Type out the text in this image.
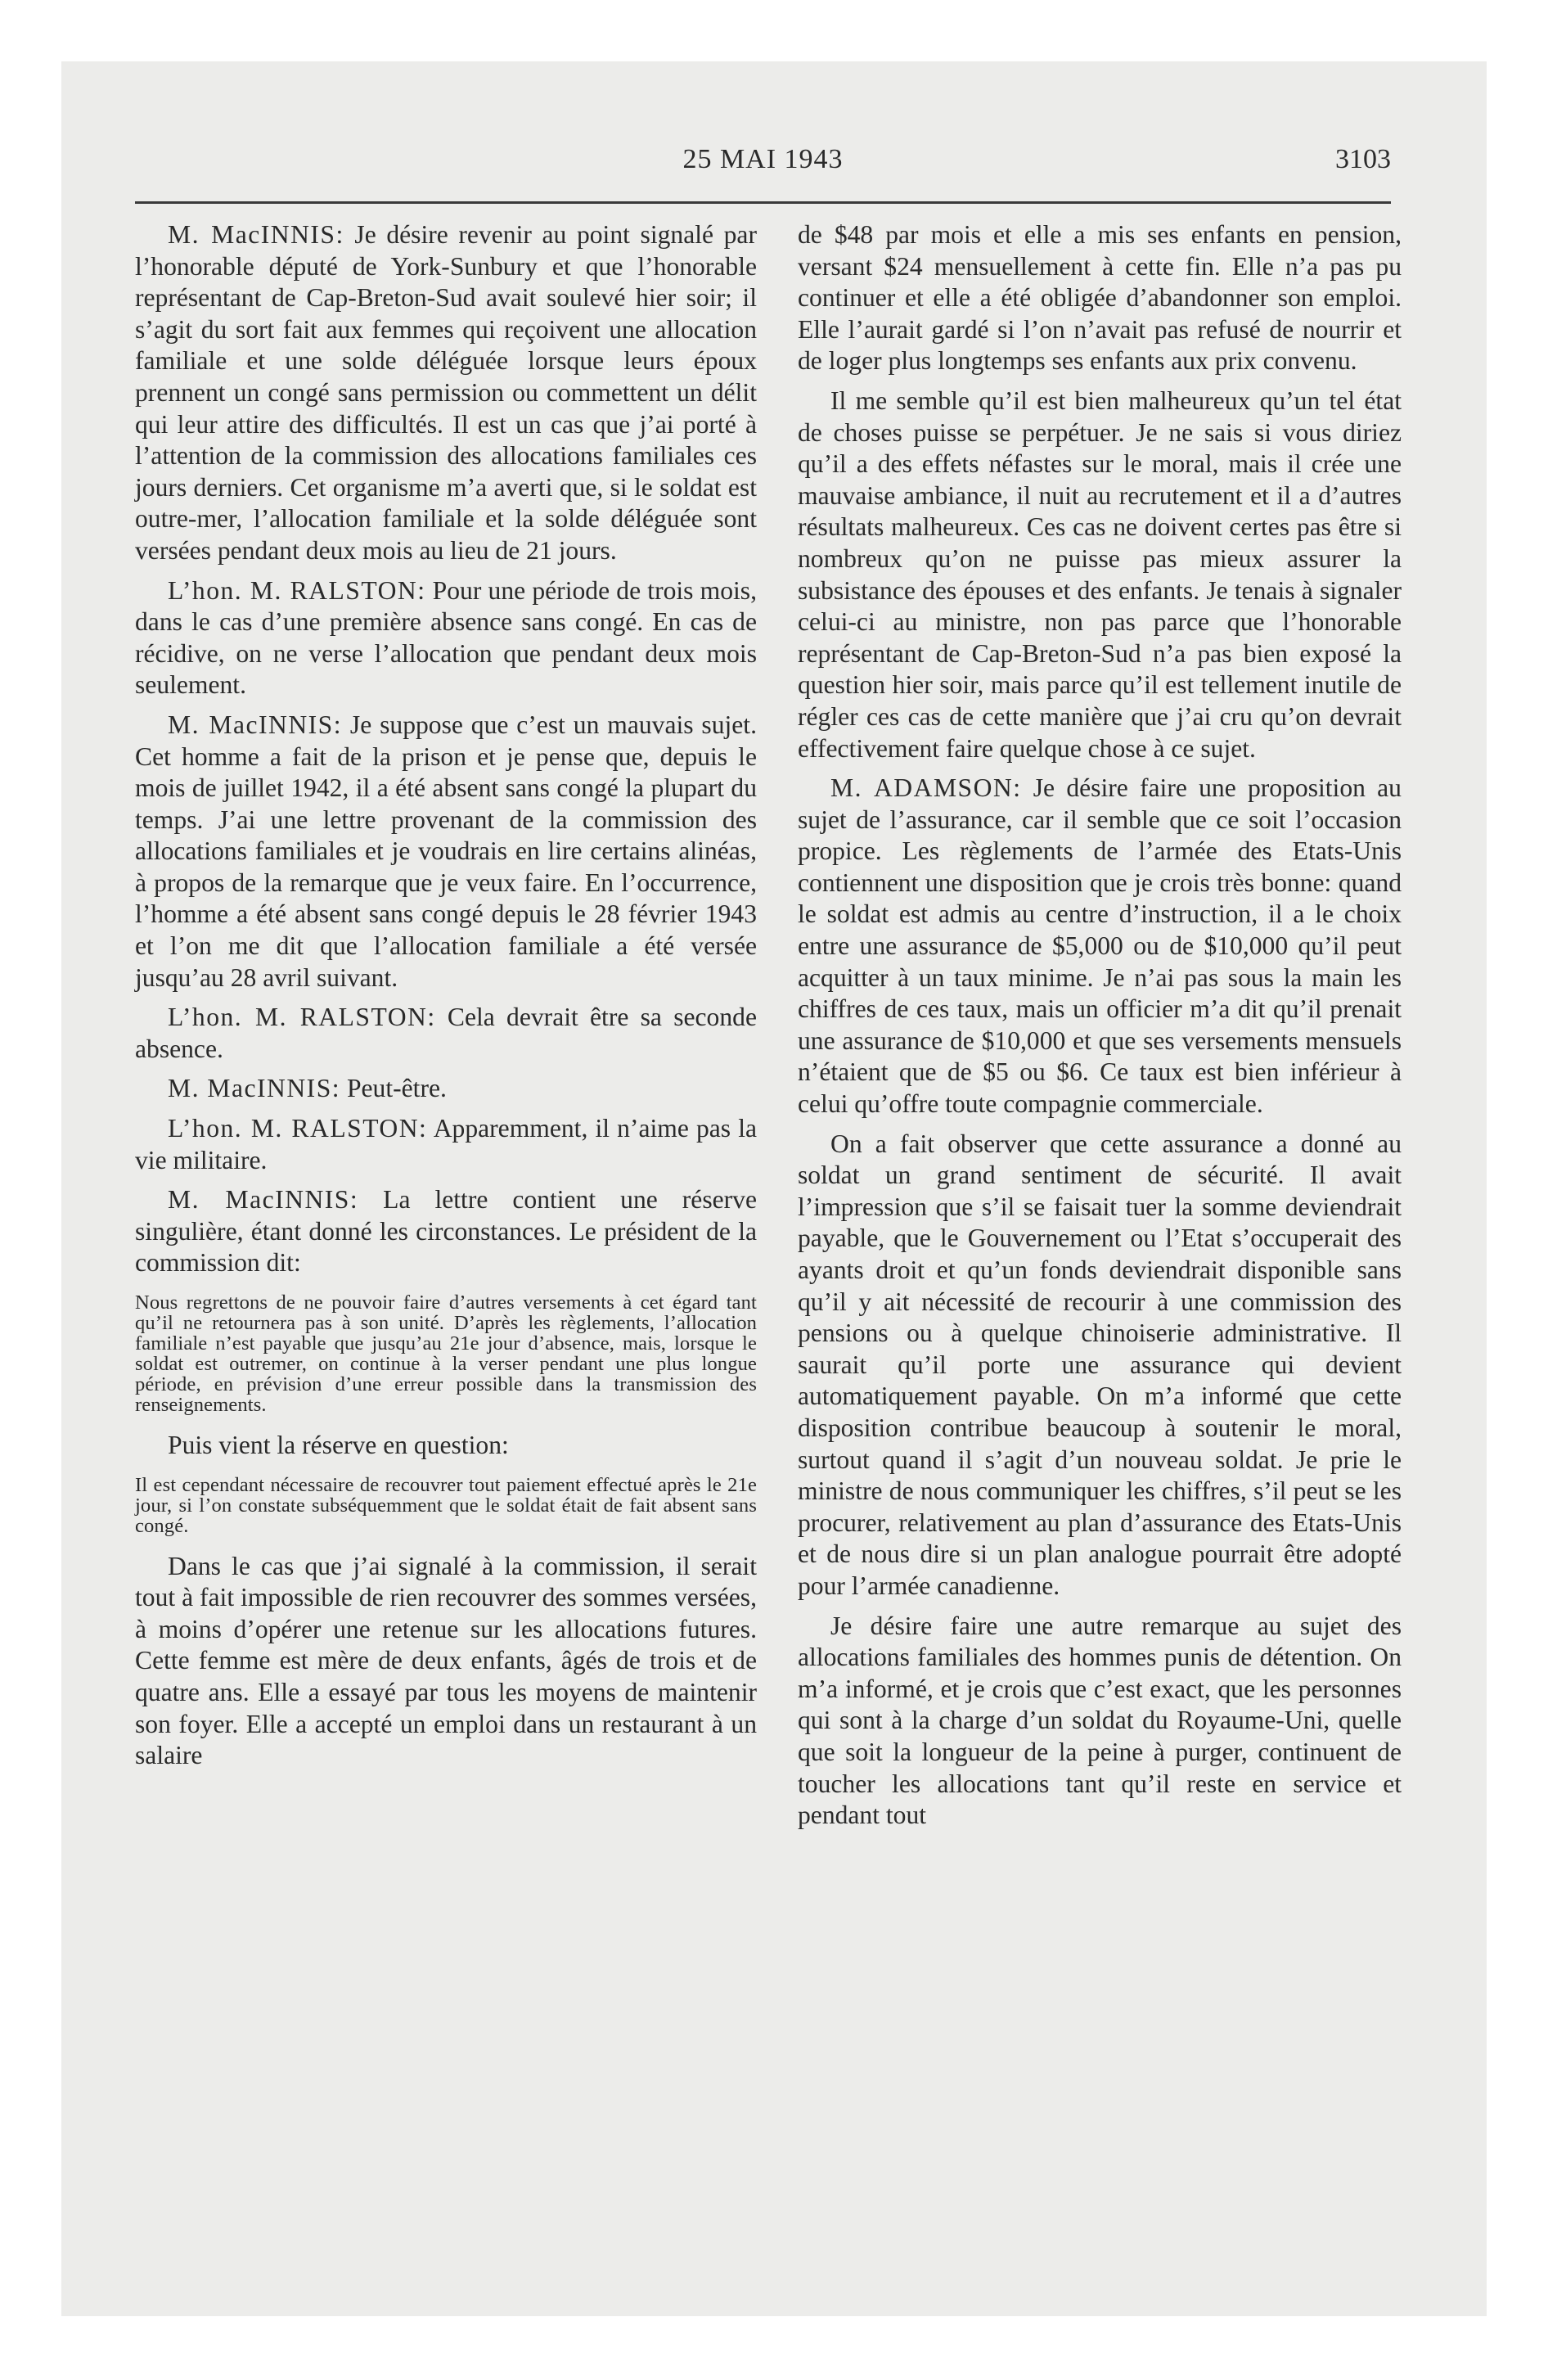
25 MAI 1943	3103

M. MacINNIS: Je désire revenir au point signalé par l’honorable député de York-Sunbury et que l’honorable représentant de Cap-Breton-Sud avait soulevé hier soir; il s’agit du sort fait aux femmes qui reçoivent une allocation familiale et une solde déléguée lorsque leurs époux prennent un congé sans permission ou commettent un délit qui leur attire des difficultés. Il est un cas que j’ai porté à l’attention de la commission des allocations familiales ces jours derniers. Cet organisme m’a averti que, si le soldat est outre-mer, l’allocation familiale et la solde déléguée sont versées pendant deux mois au lieu de 21 jours.

L’hon. M. RALSTON: Pour une période de trois mois, dans le cas d’une première absence sans congé. En cas de récidive, on ne verse l’allocation que pendant deux mois seulement.

M. MacINNIS: Je suppose que c’est un mauvais sujet. Cet homme a fait de la prison et je pense que, depuis le mois de juillet 1942, il a été absent sans congé la plupart du temps. J’ai une lettre provenant de la commission des allocations familiales et je voudrais en lire certains alinéas, à propos de la remarque que je veux faire. En l’occurrence, l’homme a été absent sans congé depuis le 28 février 1943 et l’on me dit que l’allocation familiale a été versée jusqu’au 28 avril suivant.

L’hon. M. RALSTON: Cela devrait être sa seconde absence.

M. MacINNIS: Peut-être.

L’hon. M. RALSTON: Apparemment, il n’aime pas la vie militaire.

M. MacINNIS: La lettre contient une réserve singulière, étant donné les circonstances. Le président de la commission dit:

Nous regrettons de ne pouvoir faire d’autres versements à cet égard tant qu’il ne retournera pas à son unité. D’après les règlements, l’allocation familiale n’est payable que jusqu’au 21e jour d’absence, mais, lorsque le soldat est outremer, on continue à la verser pendant une plus longue période, en prévision d’une erreur possible dans la transmission des renseignements.

Puis vient la réserve en question:

Il est cependant nécessaire de recouvrer tout paiement effectué après le 21e jour, si l’on constate subséquemment que le soldat était de fait absent sans congé.

Dans le cas que j’ai signalé à la commission, il serait tout à fait impossible de rien recouvrer des sommes versées, à moins d’opérer une retenue sur les allocations futures. Cette femme est mère de deux enfants, âgés de trois et de quatre ans. Elle a essayé par tous les moyens de maintenir son foyer. Elle a accepté un emploi dans un restaurant à un salaire

de $48 par mois et elle a mis ses enfants en pension, versant $24 mensuellement à cette fin. Elle n’a pas pu continuer et elle a été obligée d’abandonner son emploi. Elle l’aurait gardé si l’on n’avait pas refusé de nourrir et de loger plus longtemps ses enfants aux prix convenu.

Il me semble qu’il est bien malheureux qu’un tel état de choses puisse se perpétuer. Je ne sais si vous diriez qu’il a des effets néfastes sur le moral, mais il crée une mauvaise ambiance, il nuit au recrutement et il a d’autres résultats malheureux. Ces cas ne doivent certes pas être si nombreux qu’on ne puisse pas mieux assurer la subsistance des épouses et des enfants. Je tenais à signaler celui-ci au ministre, non pas parce que l’honorable représentant de Cap-Breton-Sud n’a pas bien exposé la question hier soir, mais parce qu’il est tellement inutile de régler ces cas de cette manière que j’ai cru qu’on devrait effectivement faire quelque chose à ce sujet.

M. ADAMSON: Je désire faire une proposition au sujet de l’assurance, car il semble que ce soit l’occasion propice. Les règlements de l’armée des Etats-Unis contiennent une disposition que je crois très bonne: quand le soldat est admis au centre d’instruction, il a le choix entre une assurance de $5,000 ou de $10,000 qu’il peut acquitter à un taux minime. Je n’ai pas sous la main les chiffres de ces taux, mais un officier m’a dit qu’il prenait une assurance de $10,000 et que ses versements mensuels n’étaient que de $5 ou $6. Ce taux est bien inférieur à celui qu’offre toute compagnie commerciale.

On a fait observer que cette assurance a donné au soldat un grand sentiment de sécurité. Il avait l’impression que s’il se faisait tuer la somme deviendrait payable, que le Gouvernement ou l’Etat s’occuperait des ayants droit et qu’un fonds deviendrait disponible sans qu’il y ait nécessité de recourir à une commission des pensions ou à quelque chinoiserie administrative. Il saurait qu’il porte une assurance qui devient automatiquement payable. On m’a informé que cette disposition contribue beaucoup à soutenir le moral, surtout quand il s’agit d’un nouveau soldat. Je prie le ministre de nous communiquer les chiffres, s’il peut se les procurer, relativement au plan d’assurance des Etats-Unis et de nous dire si un plan analogue pourrait être adopté pour l’armée canadienne.

Je désire faire une autre remarque au sujet des allocations familiales des hommes punis de détention. On m’a informé, et je crois que c’est exact, que les personnes qui sont à la charge d’un soldat du Royaume-Uni, quelle que soit la longueur de la peine à purger, continuent de toucher les allocations tant qu’il reste en service et pendant tout
